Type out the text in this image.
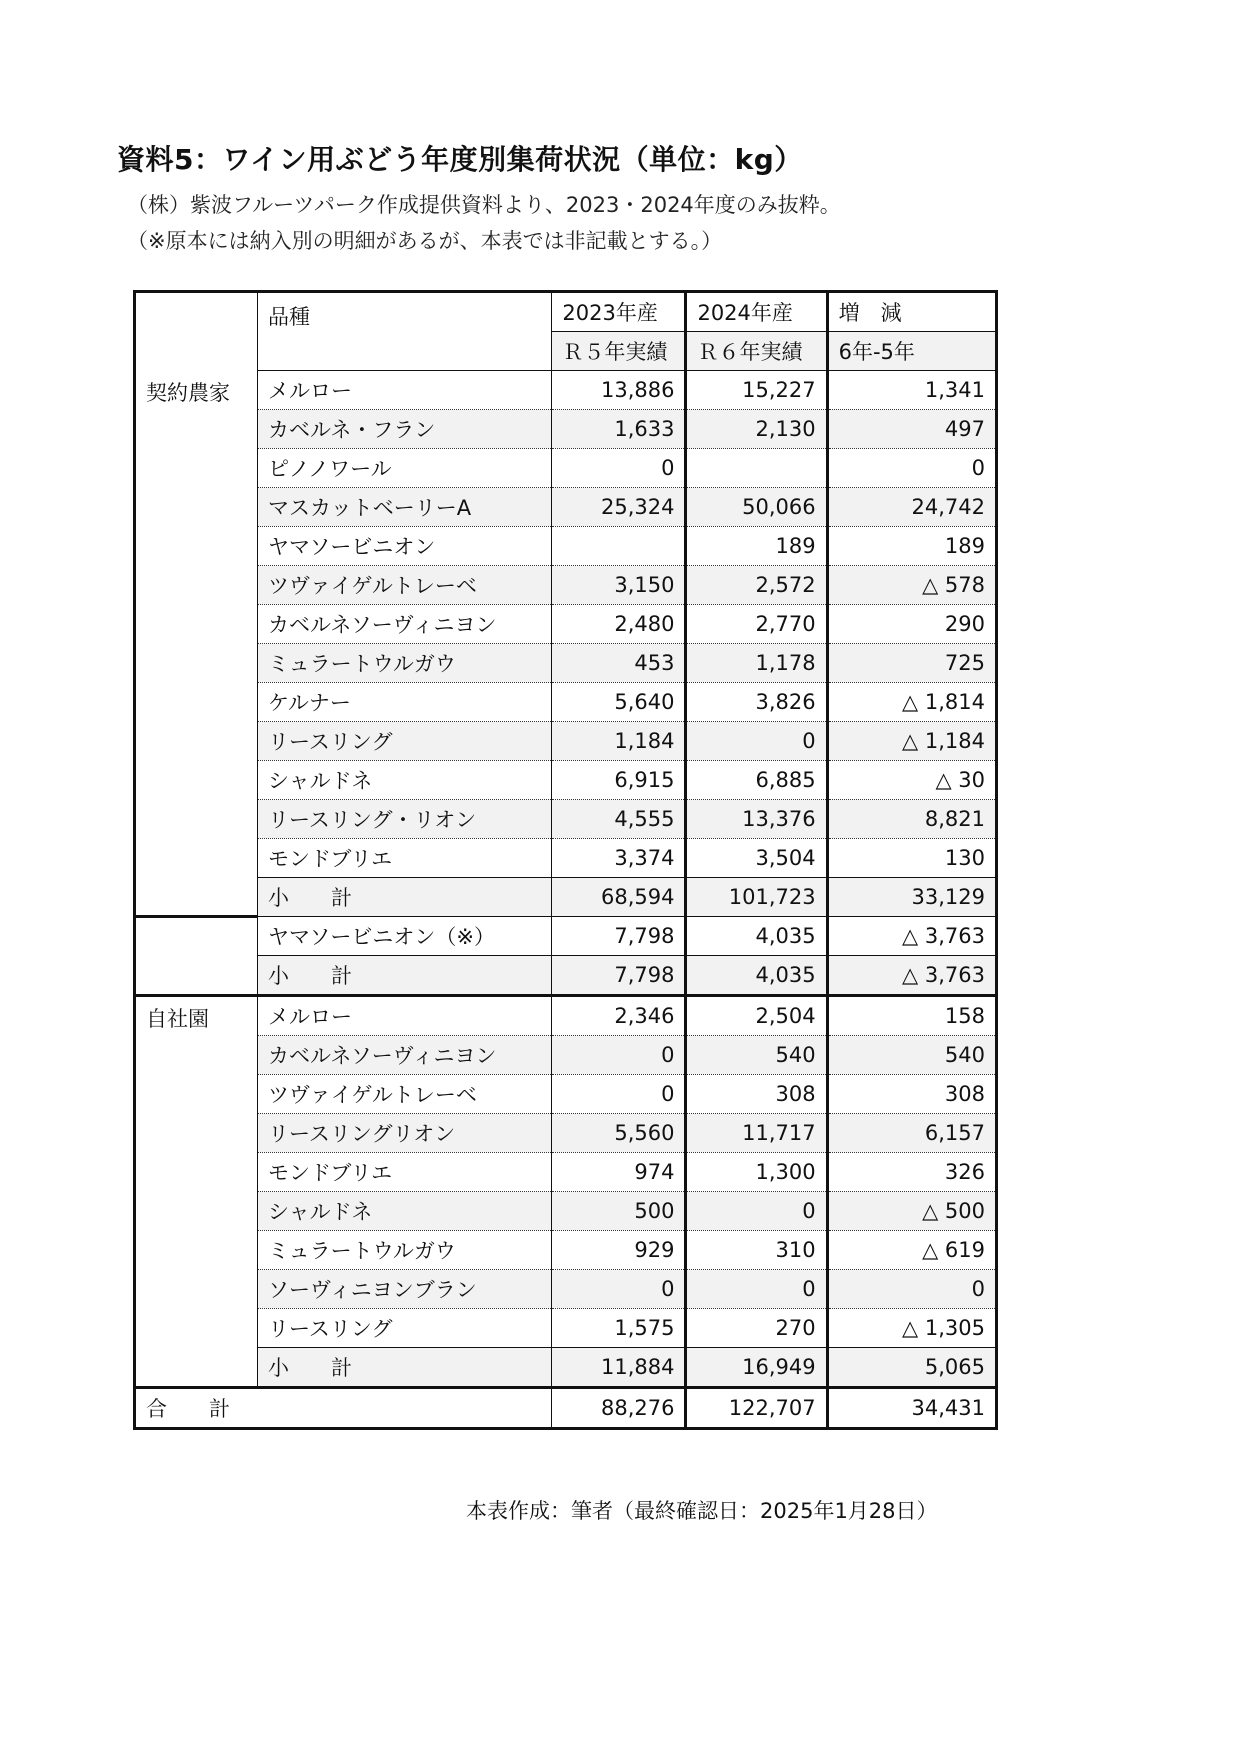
資料5：ワイン用ぶどう年度別集荷状況（単位：kg）
（株）紫波フルーツパーク作成提供資料より、2023・2024年度のみ抜粋。
（※原本には納入別の明細があるが、本表では非記載とする。）
	品種	2023年産	2024年産	増　減
		Ｒ５年実績	Ｒ６年実績	6年-5年
契約農家	メルロー	13,886	15,227	1,341
	カベルネ・フラン	1,633	2,130	497
	ピノノワール	0		0
	マスカットベーリーA	25,324	50,066	24,742
	ヤマソービニオン		189	189
	ツヴァイゲルトレーベ	3,150	2,572	△ 578
	カベルネソーヴィニヨン	2,480	2,770	290
	ミュラートウルガウ	453	1,178	725
	ケルナー	5,640	3,826	△ 1,814
	リースリング	1,184	0	△ 1,184
	シャルドネ	6,915	6,885	△ 30
	リースリング・リオン	4,555	13,376	8,821
	モンドブリエ	3,374	3,504	130
	小　　計	68,594	101,723	33,129
	ヤマソービニオン（※）	7,798	4,035	△ 3,763
	小　　計	7,798	4,035	△ 3,763
自社園	メルロー	2,346	2,504	158
	カベルネソーヴィニヨン	0	540	540
	ツヴァイゲルトレーベ	0	308	308
	リースリングリオン	5,560	11,717	6,157
	モンドブリエ	974	1,300	326
	シャルドネ	500	0	△ 500
	ミュラートウルガウ	929	310	△ 619
	ソーヴィニヨンブラン	0	0	0
	リースリング	1,575	270	△ 1,305
	小　　計	11,884	16,949	5,065
合　　計		88,276	122,707	34,431
本表作成：筆者（最終確認日：2025年1月28日）
